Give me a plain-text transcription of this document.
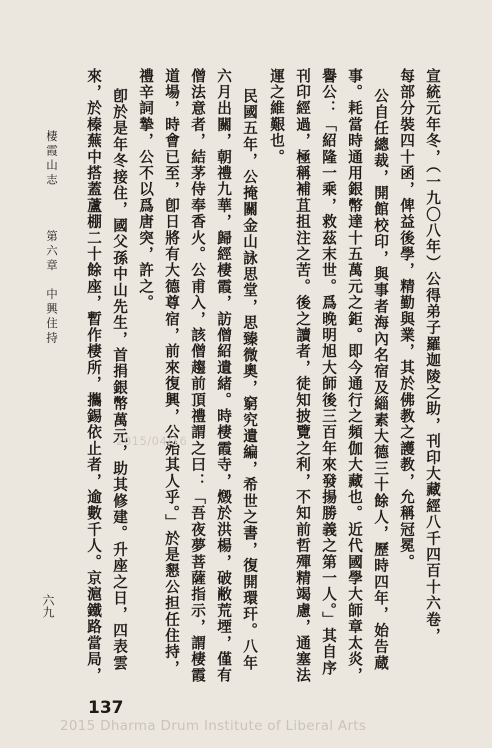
宣統元年冬，（一九〇八年）公得弟子羅迦陵之助，刊印大藏經八千四百十六卷，
每部分裝四十函，俾益後學，精勤與業，其於佛教之護教，允稱冠冕。
公自任總裁，開館校印，與事者海內名宿及緇素大德三十餘人，歷時四年，始告蔵
事。耗當時通用銀幣達十五萬元之鉅。即今通行之頻伽大藏也。近代國學大師章太炎，
譽公：「紹隆一乘，救茲末世。爲晚明旭大師後三百年來發揚勝義之第一人。」其自序
刊印經過，極稱補苴抯注之苦。後之讀者，徒知披覽之利，不知前哲殫精竭慮，通塞法
運之維艱也。
民國五年，公掩關金山詠思堂，思臻微奧，窮究遺編，希世之書，復開環玕。八年
六月出關，朝禮九華，歸經棲霞，訪僧紹遺緒。時棲霞寺，燬於洪楊，破敝荒堙，僅有
僧法意者，結茅侍奉香火。公甫入，該僧趨前頂禮謂之曰：「吾夜夢菩薩指示，謂棲霞
道場，時會已至，卽日將有大德尊宿，前來復興，公殆其人乎。」於是懇公担任住持，
禮辛詞摯，公不以爲唐突，許之。
卽於是年冬接住，國父孫中山先生，首捐銀幣萬元，助其修建。升座之日，四表雲
來，於榛蕪中搭蓋蘆棚二十餘座，暫作棲所，攜錫依止者，逾數千人。京滬鐵路當局，
棲霞山志
第六章　中興住持
六九
2015/04/16
137
2015 Dharma Drum Institute of Liberal Arts
